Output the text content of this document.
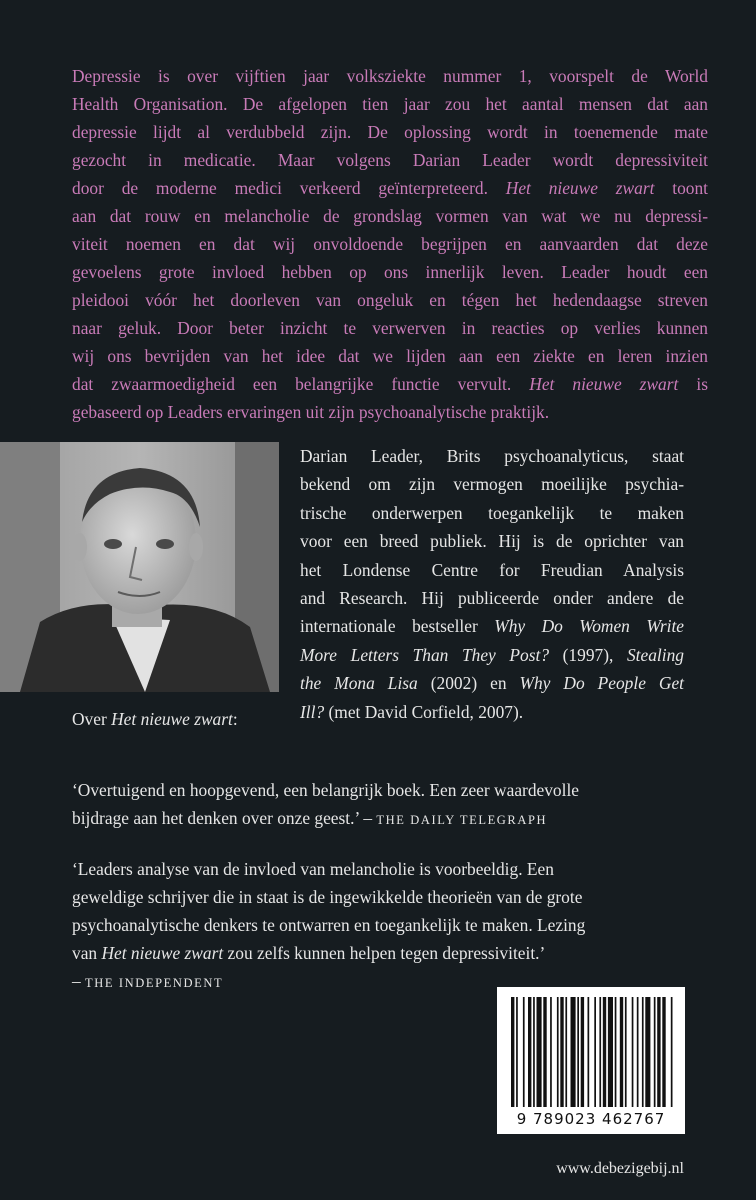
Depressie is over vijftien jaar volksziekte nummer 1, voorspelt de World
Health Organisation. De afgelopen tien jaar zou het aantal mensen dat aan
depressie lijdt al verdubbeld zijn. De oplossing wordt in toenemende mate
gezocht in medicatie. Maar volgens Darian Leader wordt depressiviteit
door de moderne medici verkeerd geïnterpreteerd. Het nieuwe zwart toont
aan dat rouw en melancholie de grondslag vormen van wat we nu depressi-
viteit noemen en dat wij onvoldoende begrijpen en aanvaarden dat deze
gevoelens grote invloed hebben op ons innerlijk leven. Leader houdt een
pleidooi vóór het doorleven van ongeluk en tégen het hedendaagse streven
naar geluk. Door beter inzicht te verwerven in reacties op verlies kunnen
wij ons bevrijden van het idee dat we lijden aan een ziekte en leren inzien
dat zwaarmoedigheid een belangrijke functie vervult. Het nieuwe zwart is
gebaseerd op Leaders ervaringen uit zijn psychoanalytische praktijk.

Darian Leader, Brits psychoanalyticus, staat
bekend om zijn vermogen moeilijke psychia-
trische onderwerpen toegankelijk te maken
voor een breed publiek. Hij is de oprichter van
het Londense Centre for Freudian Analysis
and Research. Hij publiceerde onder andere de
internationale bestseller Why Do Women Write
More Letters Than They Post? (1997), Stealing
the Mona Lisa (2002) en Why Do People Get
Ill? (met David Corfield, 2007).

Over Het nieuwe zwart:

‘Overtuigend en hoopgevend, een belangrijk boek. Een zeer waardevolle
bijdrage aan het denken over onze geest.’ – THE DAILY TELEGRAPH

‘Leaders analyse van de invloed van melancholie is voorbeeldig. Een
geweldige schrijver die in staat is de ingewikkelde theorieën van de grote
psychoanalytische denkers te ontwarren en toegankelijk te maken. Lezing
van Het nieuwe zwart zou zelfs kunnen helpen tegen depressiviteit.’
– THE INDEPENDENT

9 789023 462767
www.debezigebij.nl
